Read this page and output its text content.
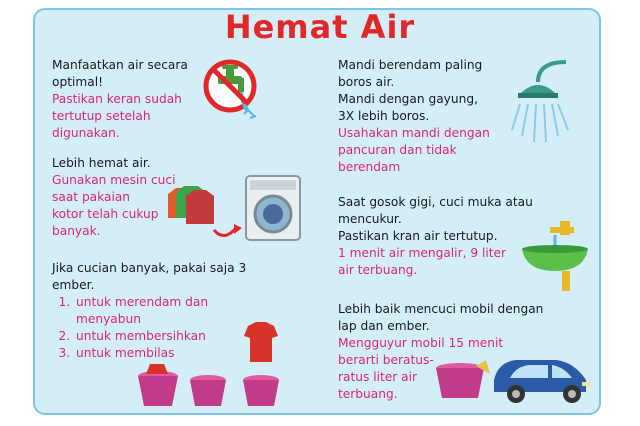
Hemat Air

Manfaatkan air secara

optimal!

Pastikan keran sudah

tertutup setelah

digunakan.

Lebih hemat air.

Gunakan mesin cuci

saat pakaian

kotor telah cukup

banyak.

Jika cucian banyak, pakai saja 3

ember.

1. untuk merendam dan menyabun
2. untuk membersihkan
3. untuk membilas

Mandi berendam paling

boros air.

Mandi dengan gayung,

3X lebih boros.

Usahakan mandi dengan

pancuran dan tidak

berendam

Saat gosok gigi, cuci muka atau

mencukur.

Pastikan kran air tertutup.

1 menit air mengalir, 9 liter

air terbuang.

Lebih baik mencuci mobil dengan

lap dan ember.

Mengguyur mobil 15 menit

berarti beratus-

ratus liter air

terbuang.
